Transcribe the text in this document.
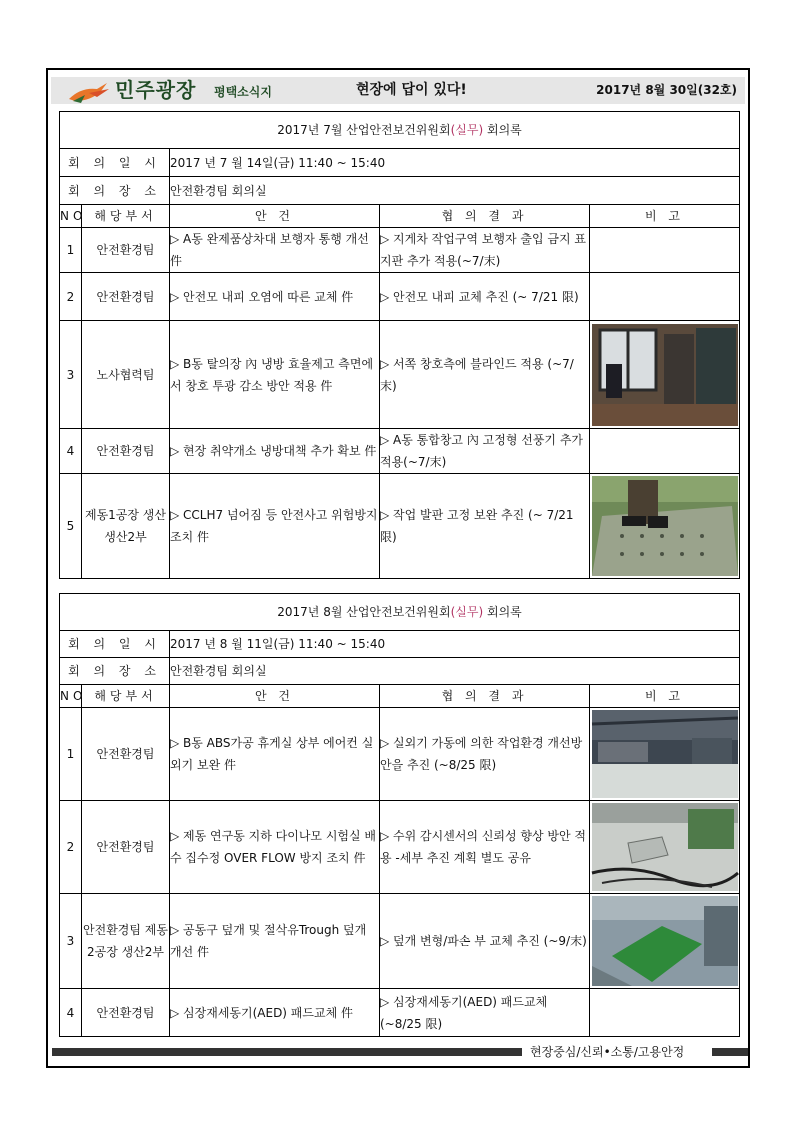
민주광장 평택소식지	현장에 답이 있다!	2017년 8월 30일(32호)
2017년 7월 산업안전보건위원회(실무) 회의록				
회 의 일 시		2017 년 7 월 14일(금) 11:40 ~ 15:40		
회 의 장 소		안전환경팀 회의실		
NO	해당부서	안 건	협 의 결 과	비 고
1	안전환경팀	▷ A동 완제품상차대 보행자 통행 개선 件	▷ 지게차 작업구역 보행자 출입 금지 표지판 추가 적용(~7/末)	
2	안전환경팀	▷ 안전모 내피 오염에 따른 교체 件	▷ 안전모 내피 교체 추진 (~ 7/21 限)	
3	노사협력팀	▷ B동 탈의장 內 냉방 효율제고 측면에서 창호 투광 감소 방안 적용 件	▷ 서쪽 창호측에 블라인드 적용 (~7/末)	

4	안전환경팀	▷ 현장 취약개소 냉방대책 추가 확보 件	▷ A동 통합창고 內 고정형 선풍기 추가 적용(~7/末)	
5	제동1공장 생산생산2부	▷ CCLH7 넘어짐 등 안전사고 위험방지 조치 件	▷ 작업 발판 고정 보완 추진 (~ 7/21 限)	
2017년 8월 산업안전보건위원회(실무) 회의록				
회 의 일 시		2017 년 8 월 11일(금) 11:40 ~ 15:40		
회 의 장 소		안전환경팀 회의실		
NO	해당부서	안 건	협 의 결 과	비 고
1	안전환경팀	▷ B동 ABS가공 휴게실 상부 에어컨 실외기 보완 件	▷ 실외기 가동에 의한 작업환경 개선방안을 추진 (~8/25 限)	

2	안전환경팀	▷ 제동 연구동 지하 다이나모 시험실 배수 집수정 OVER FLOW 방지 조치 件	▷ 수위 감시센서의 신뢰성 향상 방안 적용 -세부 추진 계획 별도 공유	

3	안전환경팀 제동2공장 생산2부	▷ 공동구 덮개 및 절삭유Trough 덮개 개선 件	▷ 덮개 변형/파손 부 교체 추진 (~9/末)	

4	안전환경팀	▷ 심장재세동기(AED) 패드교체 件	▷ 심장재세동기(AED) 패드교체 (~8/25 限)	
현장중심/신뢰•소통/고용안정
